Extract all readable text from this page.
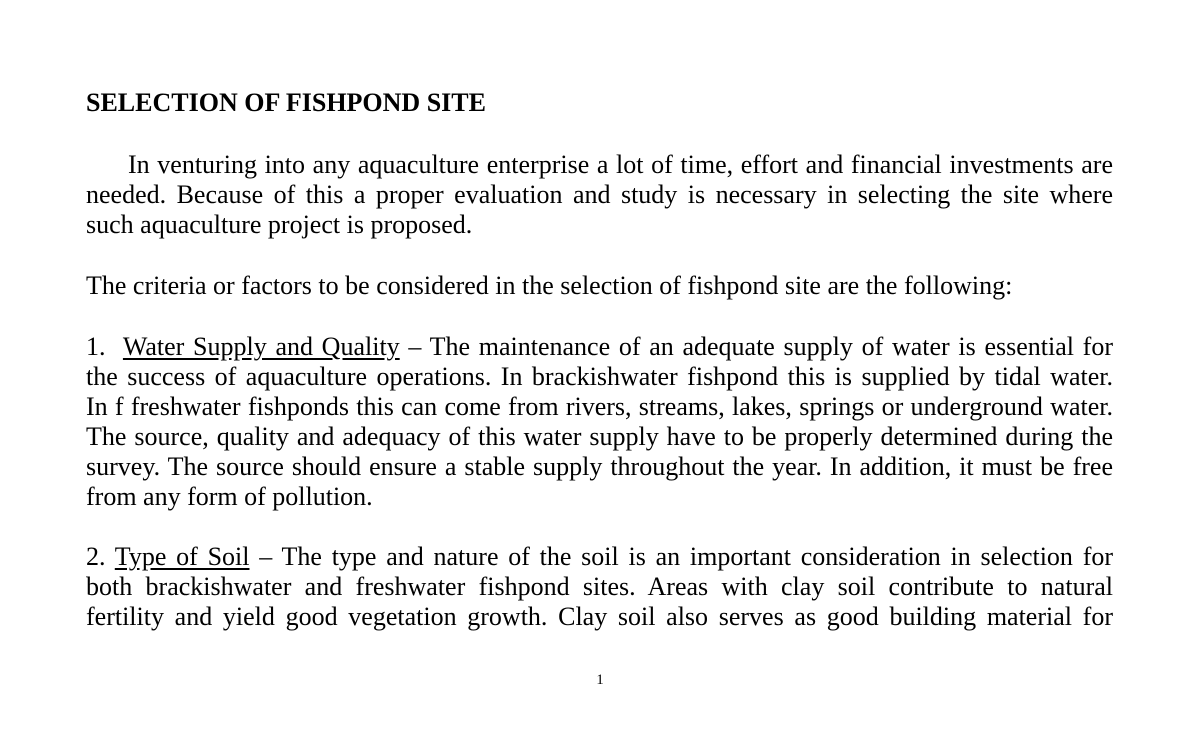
SELECTION OF FISHPOND SITE

In venturing into any aquaculture enterprise a lot of time, effort and financial investments are

needed. Because of this a proper evaluation and study is necessary in selecting the site where

such aquaculture project is proposed.

The criteria or factors to be considered in the selection of fishpond site are the following:

1. Water Supply and Quality – The maintenance of an adequate supply of water is essential for

the success of aquaculture operations. In brackishwater fishpond this is supplied by tidal water.

In f freshwater fishponds this can come from rivers, streams, lakes, springs or underground water.

The source, quality and adequacy of this water supply have to be properly determined during the

survey. The source should ensure a stable supply throughout the year. In addition, it must be free

from any form of pollution.

2. Type of Soil – The type and nature of the soil is an important consideration in selection for

both brackishwater and freshwater fishpond sites. Areas with clay soil contribute to natural

fertility and yield good vegetation growth. Clay soil also serves as good building material for

1
